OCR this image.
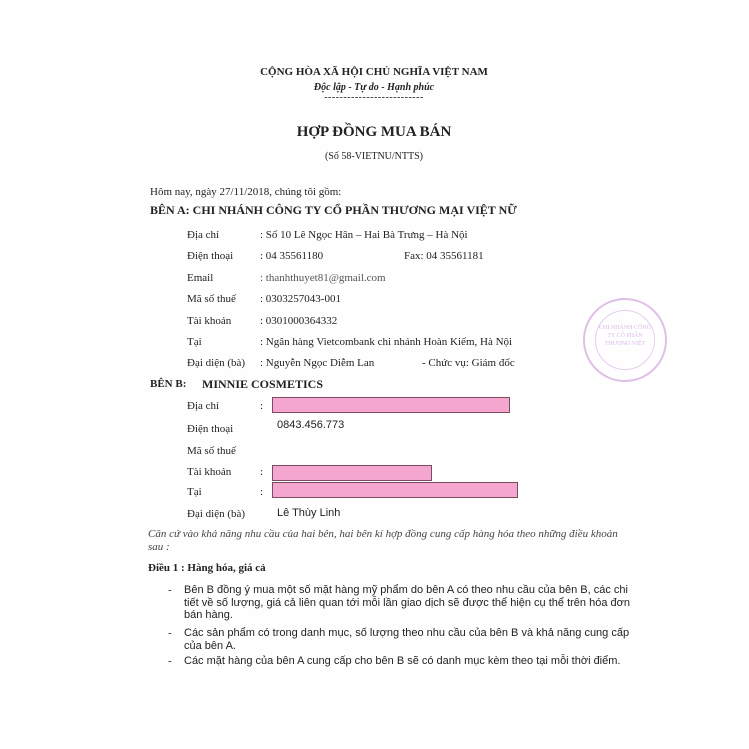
CỘNG HÒA XÃ HỘI CHỦ NGHĨA VIỆT NAM
Độc lập - Tự do - Hạnh phúc
--------------------------
HỢP ĐỒNG MUA BÁN
(Số 58-VIETNU/NTTS)
Hôm nay, ngày 27/11/2018, chúng tôi gồm:
BÊN A: CHI NHÁNH CÔNG TY CỔ PHẦN THƯƠNG MẠI VIỆT NỮ
Địa chỉ	: Số 10 Lê Ngọc Hân – Hai Bà Trưng – Hà Nội
Điện thoại : 04 35561180	Fax: 04 35561181
Email	: thanhthuyet81@gmail.com
Mã số thuế : 0303257043-001
Tài khoản	: 0301000364332
Tại	: Ngân hàng Vietcombank chi nhánh Hoàn Kiếm, Hà Nội
Đại diện (bà) : Nguyễn Ngọc Diễm Lan	- Chức vụ: Giám đốc
CHI NHÁNH CÔNG TY CỔ PHẦN THƯƠNG VIỆT
BÊN B: MINNIE COSMETICS
Địa chỉ	:
Điện thoại	0843.456.773
Mã số thuế
Tài khoản	:
Tại	:
Đại diện (bà)	Lê Thùy Linh
Căn cứ vào khả năng nhu cầu của hai bên, hai bên kí hợp đồng cung cấp hàng hóa theo những điều khoản sau :
Điều 1 : Hàng hóa, giá cả
- Bên B đồng ý mua một số mặt hàng mỹ phẩm do bên A có theo nhu cầu của bên B, các chi tiết về số lượng, giá cả liên quan tới mỗi lần giao dịch sẽ được thể hiện cụ thể trên hóa đơn bán hàng.
- Các sản phẩm có trong danh mục, số lượng theo nhu cầu của bên B và khả năng cung cấp của bên A.
- Các mặt hàng của bên A cung cấp cho bên B sẽ có danh mục kèm theo tại mỗi thời điểm.
